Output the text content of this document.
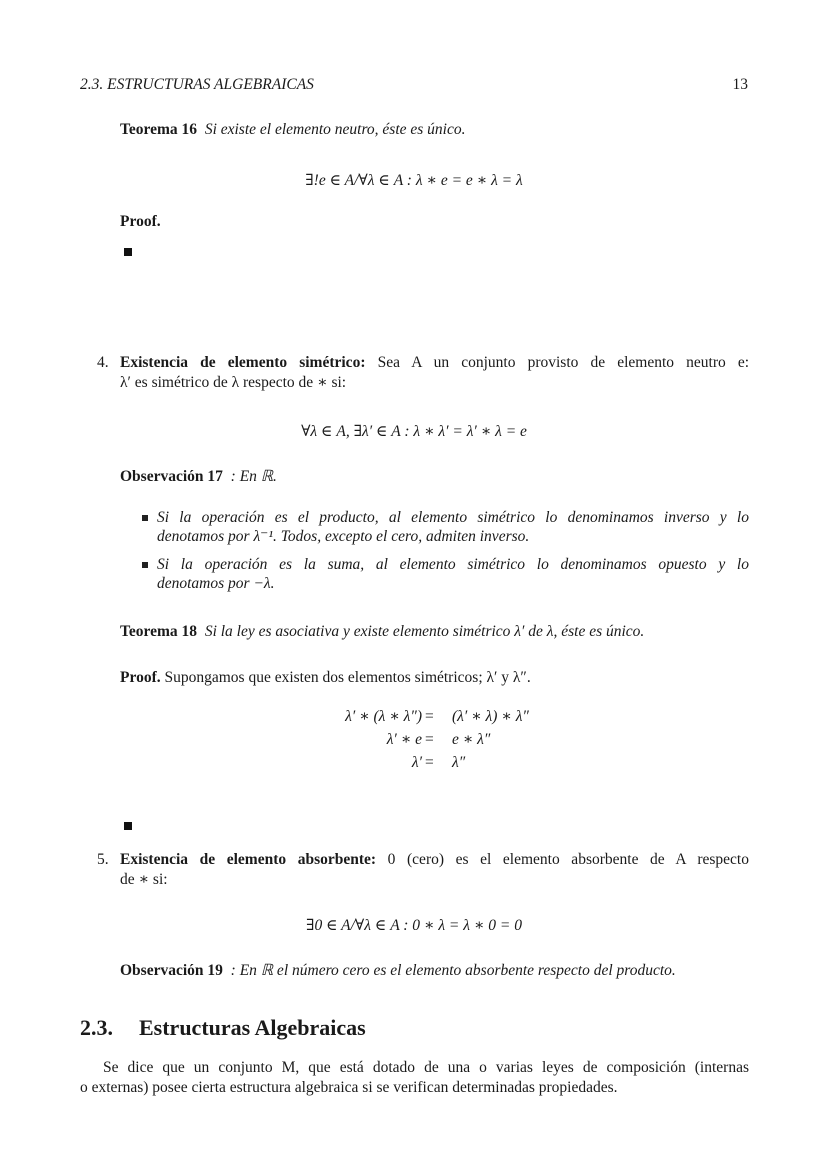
2.3. ESTRUCTURAS ALGEBRAICAS	13
Teorema 16 Si existe el elemento neutro, éste es único.
∃!e ∈ A/∀λ ∈ A : λ ∗ e = e ∗ λ = λ
Proof.
4. Existencia de elemento simétrico: Sea A un conjunto provisto de elemento neutro e:
λ′ es simétrico de λ respecto de ∗ si:
∀λ ∈ A, ∃λ′ ∈ A : λ ∗ λ′ = λ′ ∗ λ = e
Observación 17 : En ℝ.
Si la operación es el producto, al elemento simétrico lo denominamos inverso y lo
denotamos por λ⁻¹. Todos, excepto el cero, admiten inverso.
Si la operación es la suma, al elemento simétrico lo denominamos opuesto y lo
denotamos por −λ.
Teorema 18 Si la ley es asociativa y existe elemento simétrico λ′ de λ, éste es único.
Proof. Supongamos que existen dos elementos simétricos; λ′ y λ″.
λ′ ∗ (λ ∗ λ″) = (λ′ ∗ λ) ∗ λ″
λ′ ∗ e = e ∗ λ″
λ′ = λ″
5. Existencia de elemento absorbente: 0 (cero) es el elemento absorbente de A respecto
de ∗ si:
∃0 ∈ A/∀λ ∈ A : 0 ∗ λ = λ ∗ 0 = 0
Observación 19 : En ℝ el número cero es el elemento absorbente respecto del producto.
2.3. Estructuras Algebraicas
Se dice que un conjunto M, que está dotado de una o varias leyes de composición (internas
o externas) posee cierta estructura algebraica si se verifican determinadas propiedades.
